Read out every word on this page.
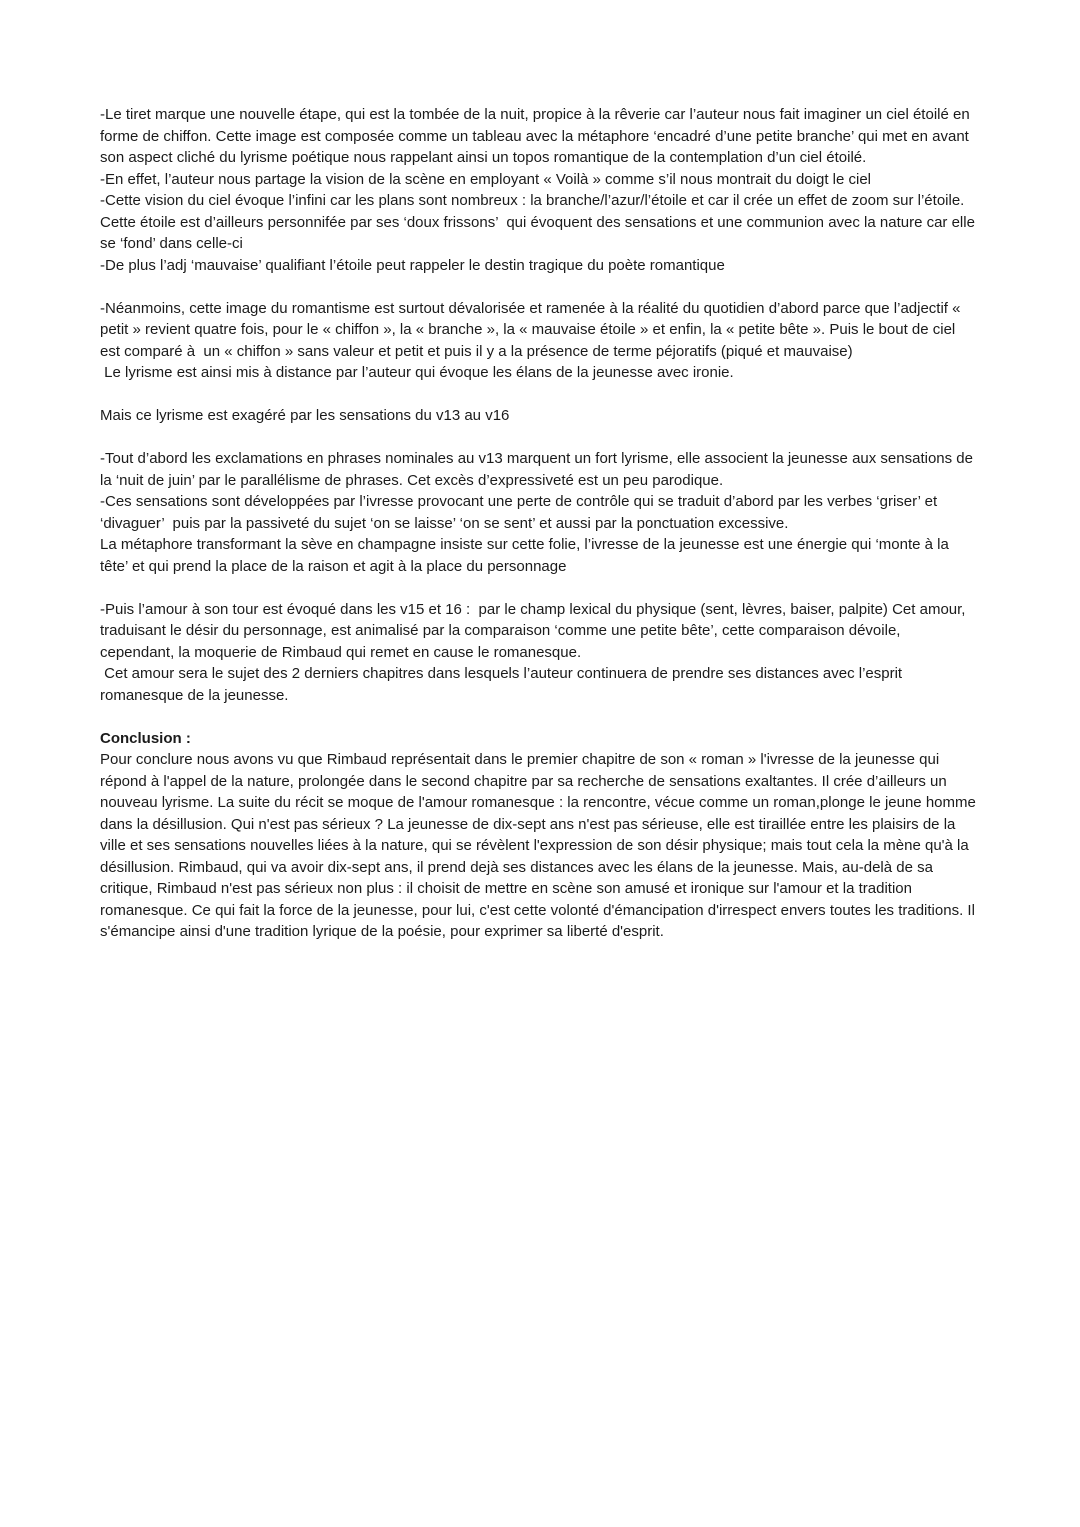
-Le tiret marque une nouvelle étape, qui est la tombée de la nuit, propice à la rêverie car l’auteur nous fait imaginer un ciel étoilé en forme de chiffon. Cette image est composée comme un tableau avec la métaphore ‘encadré d’une petite branche’ qui met en avant son aspect cliché du lyrisme poétique nous rappelant ainsi un topos romantique de la contemplation d’un ciel étoilé.

-En effet, l’auteur nous partage la vision de la scène en employant « Voilà » comme s’il nous montrait du doigt le ciel

-Cette vision du ciel évoque l’infini car les plans sont nombreux : la branche/l’azur/l’étoile et car il crée un effet de zoom sur l’étoile. Cette étoile est d’ailleurs personnifée par ses ‘doux frissons’  qui évoquent des sensations et une communion avec la nature car elle se ‘fond’ dans celle-ci

-De plus l’adj ‘mauvaise’ qualifiant l’étoile peut rappeler le destin tragique du poète romantique

-Néanmoins, cette image du romantisme est surtout dévalorisée et ramenée à la réalité du quotidien d’abord parce que l’adjectif « petit » revient quatre fois, pour le « chiffon », la « branche », la « mauvaise étoile » et enfin, la « petite bête ». Puis le bout de ciel est comparé à  un « chiffon » sans valeur et petit et puis il y a la présence de terme péjoratifs (piqué et mauvaise)

Le lyrisme est ainsi mis à distance par l’auteur qui évoque les élans de la jeunesse avec ironie.

Mais ce lyrisme est exagéré par les sensations du v13 au v16

-Tout d’abord les exclamations en phrases nominales au v13 marquent un fort lyrisme, elle associent la jeunesse aux sensations de la ‘nuit de juin’ par le parallélisme de phrases. Cet excès d’expressiveté est un peu parodique.

-Ces sensations sont développées par l’ivresse provocant une perte de contrôle qui se traduit d’abord par les verbes ‘griser’ et ‘divaguer’  puis par la passiveté du sujet ‘on se laisse’ ‘on se sent’ et aussi par la ponctuation excessive.

La métaphore transformant la sève en champagne insiste sur cette folie, l’ivresse de la jeunesse est une énergie qui ‘monte à la tête’ et qui prend la place de la raison et agit à la place du personnage

-Puis l’amour à son tour est évoqué dans les v15 et 16 :  par le champ lexical du physique (sent, lèvres, baiser, palpite) Cet amour, traduisant le désir du personnage, est animalisé par la comparaison ‘comme une petite bête’, cette comparaison dévoile, cependant, la moquerie de Rimbaud qui remet en cause le romanesque.

Cet amour sera le sujet des 2 derniers chapitres dans lesquels l’auteur continuera de prendre ses distances avec l’esprit romanesque de la jeunesse.

Conclusion :

Pour conclure nous avons vu que Rimbaud représentait dans le premier chapitre de son « roman » l'ivresse de la jeunesse qui répond à l'appel de la nature, prolongée dans le second chapitre par sa recherche de sensations exaltantes. Il crée d’ailleurs un nouveau lyrisme. La suite du récit se moque de l'amour romanesque : la rencontre, vécue comme un roman,plonge le jeune homme dans la désillusion. Qui n'est pas sérieux ? La jeunesse de dix-sept ans n'est pas sérieuse, elle est tiraillée entre les plaisirs de la ville et ses sensations nouvelles liées à la nature, qui se révèlent l'expression de son désir physique; mais tout cela la mène qu'à la désillusion. Rimbaud, qui va avoir dix-sept ans, il prend dejà ses distances avec les élans de la jeunesse. Mais, au-delà de sa critique, Rimbaud n'est pas sérieux non plus : il choisit de mettre en scène son amusé et ironique sur l'amour et la tradition romanesque. Ce qui fait la force de la jeunesse, pour lui, c'est cette volonté d'émancipation d'irrespect envers toutes les traditions. Il s'émancipe ainsi d'une tradition lyrique de la poésie, pour exprimer sa liberté d'esprit.
